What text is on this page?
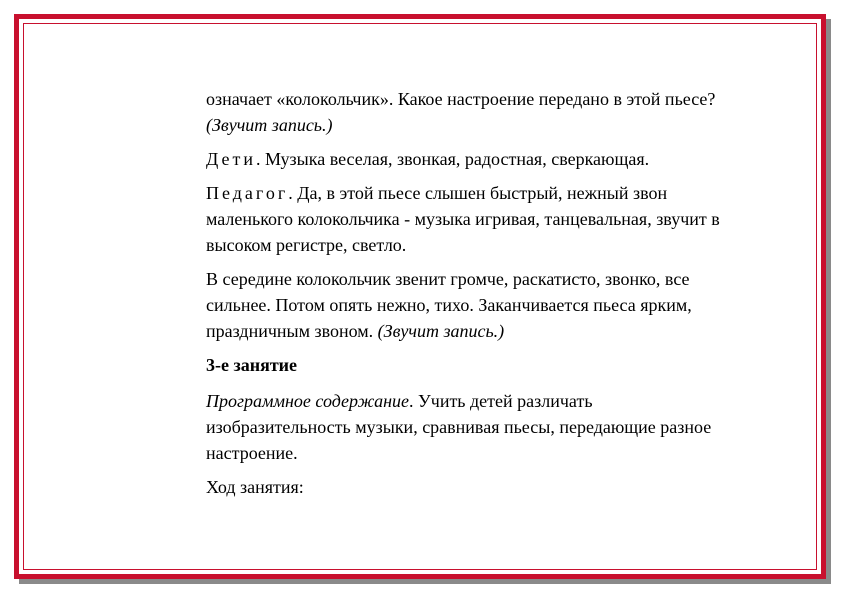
означает «колокольчик». Какое настроение передано в этой пьесе? (Звучит запись.)

Дети. Музыка веселая, звонкая, радостная, сверкающая.

Педагог. Да, в этой пьесе слышен быстрый, нежный звон маленького колокольчика - музыка игривая, танцевальная, звучит в высоком регистре, светло.

В середине колокольчик звенит громче, раскатисто, звонко, все сильнее. Потом опять нежно, тихо. Заканчивается пьеса ярким, праздничным звоном. (Звучит запись.)

3-е занятие

Программное содержание. Учить детей различать изобразительность музыки, сравнивая пьесы, передающие разное настроение.

Ход занятия:
